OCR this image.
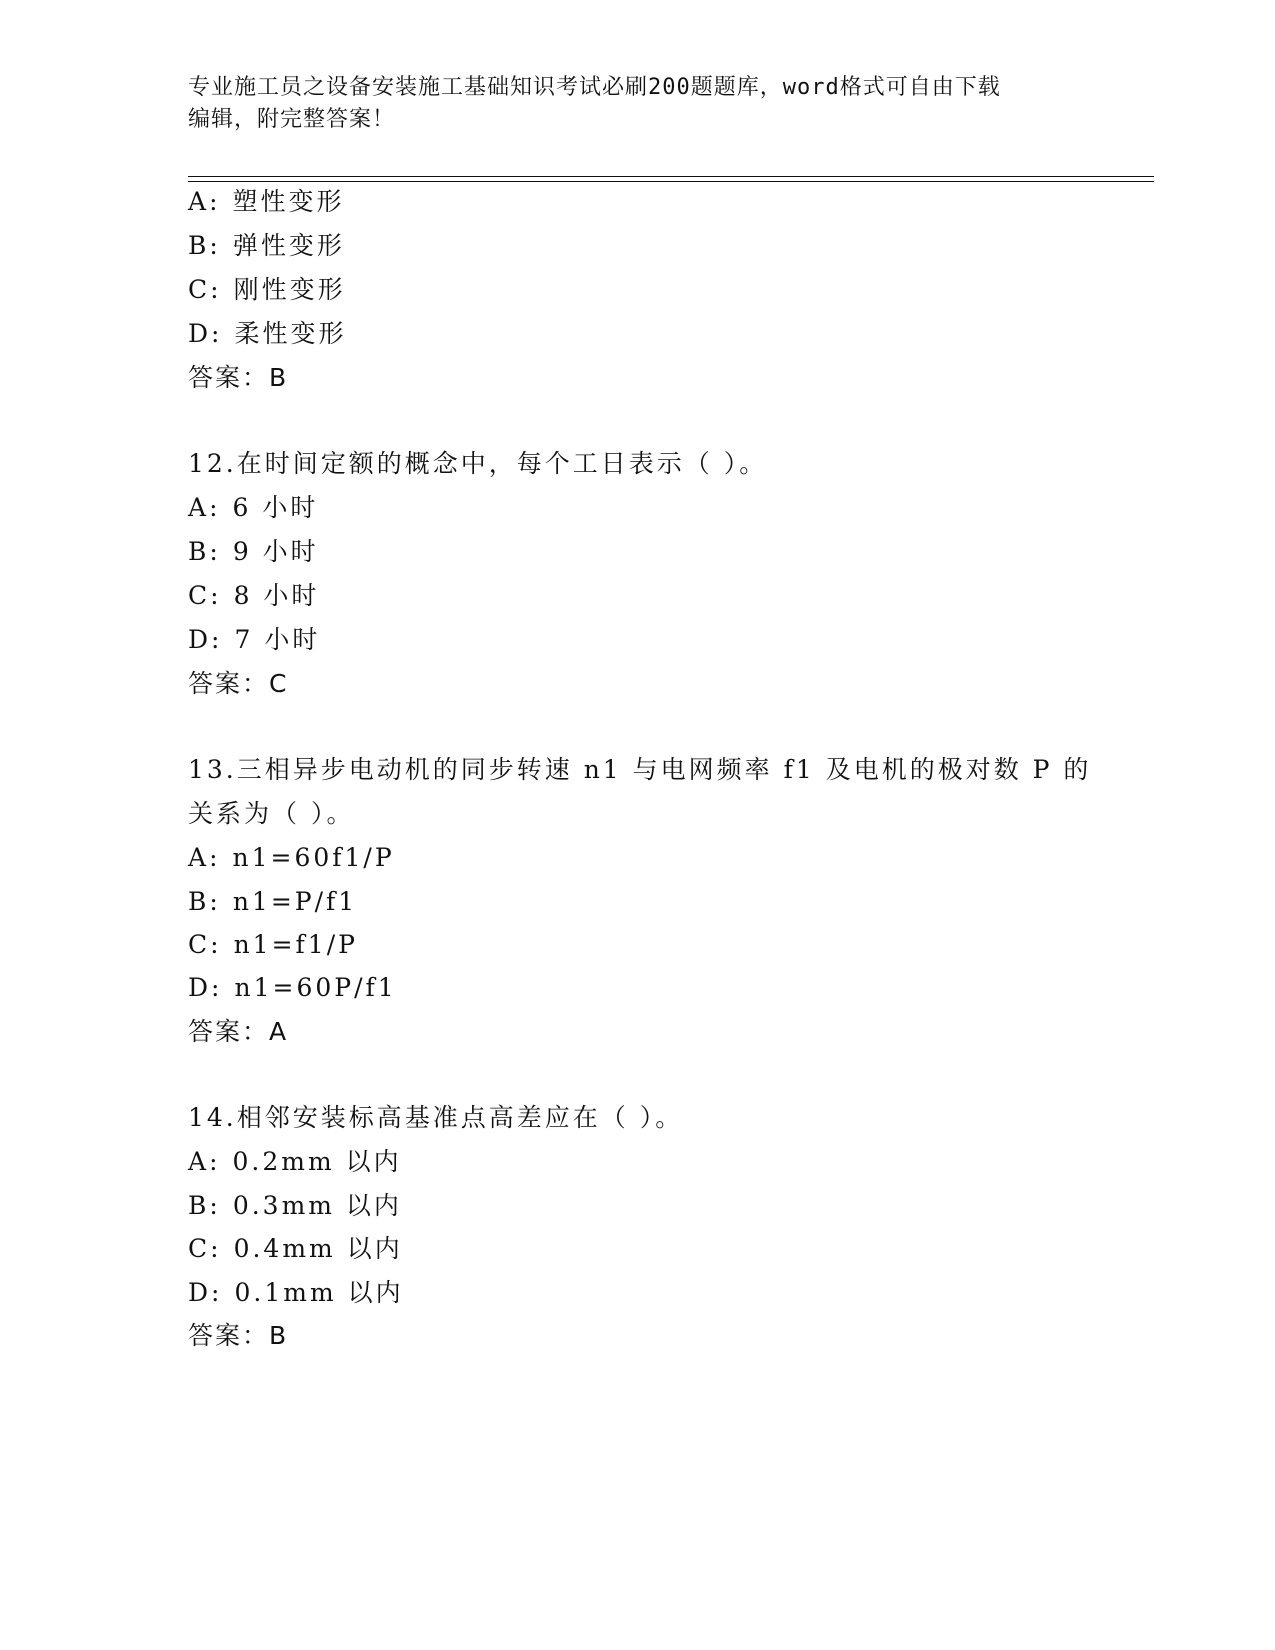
专业施工员之设备安装施工基础知识考试必刷200题题库，word格式可自由下载
编辑，附完整答案！
A: 塑性变形
B: 弹性变形
C: 刚性变形
D: 柔性变形
答案：B
12.在时间定额的概念中，每个工日表示（ ）。
A: 6 小时
B: 9 小时
C: 8 小时
D: 7 小时
答案：C
13.三相异步电动机的同步转速 n1 与电网频率 f1 及电机的极对数 P 的
关系为（ ）。
A: n1=60f1/P
B: n1=P/f1
C: n1=f1/P
D: n1=60P/f1
答案：A
14.相邻安装标高基准点高差应在（ ）。
A: 0.2mm 以内
B: 0.3mm 以内
C: 0.4mm 以内
D: 0.1mm 以内
答案：B
